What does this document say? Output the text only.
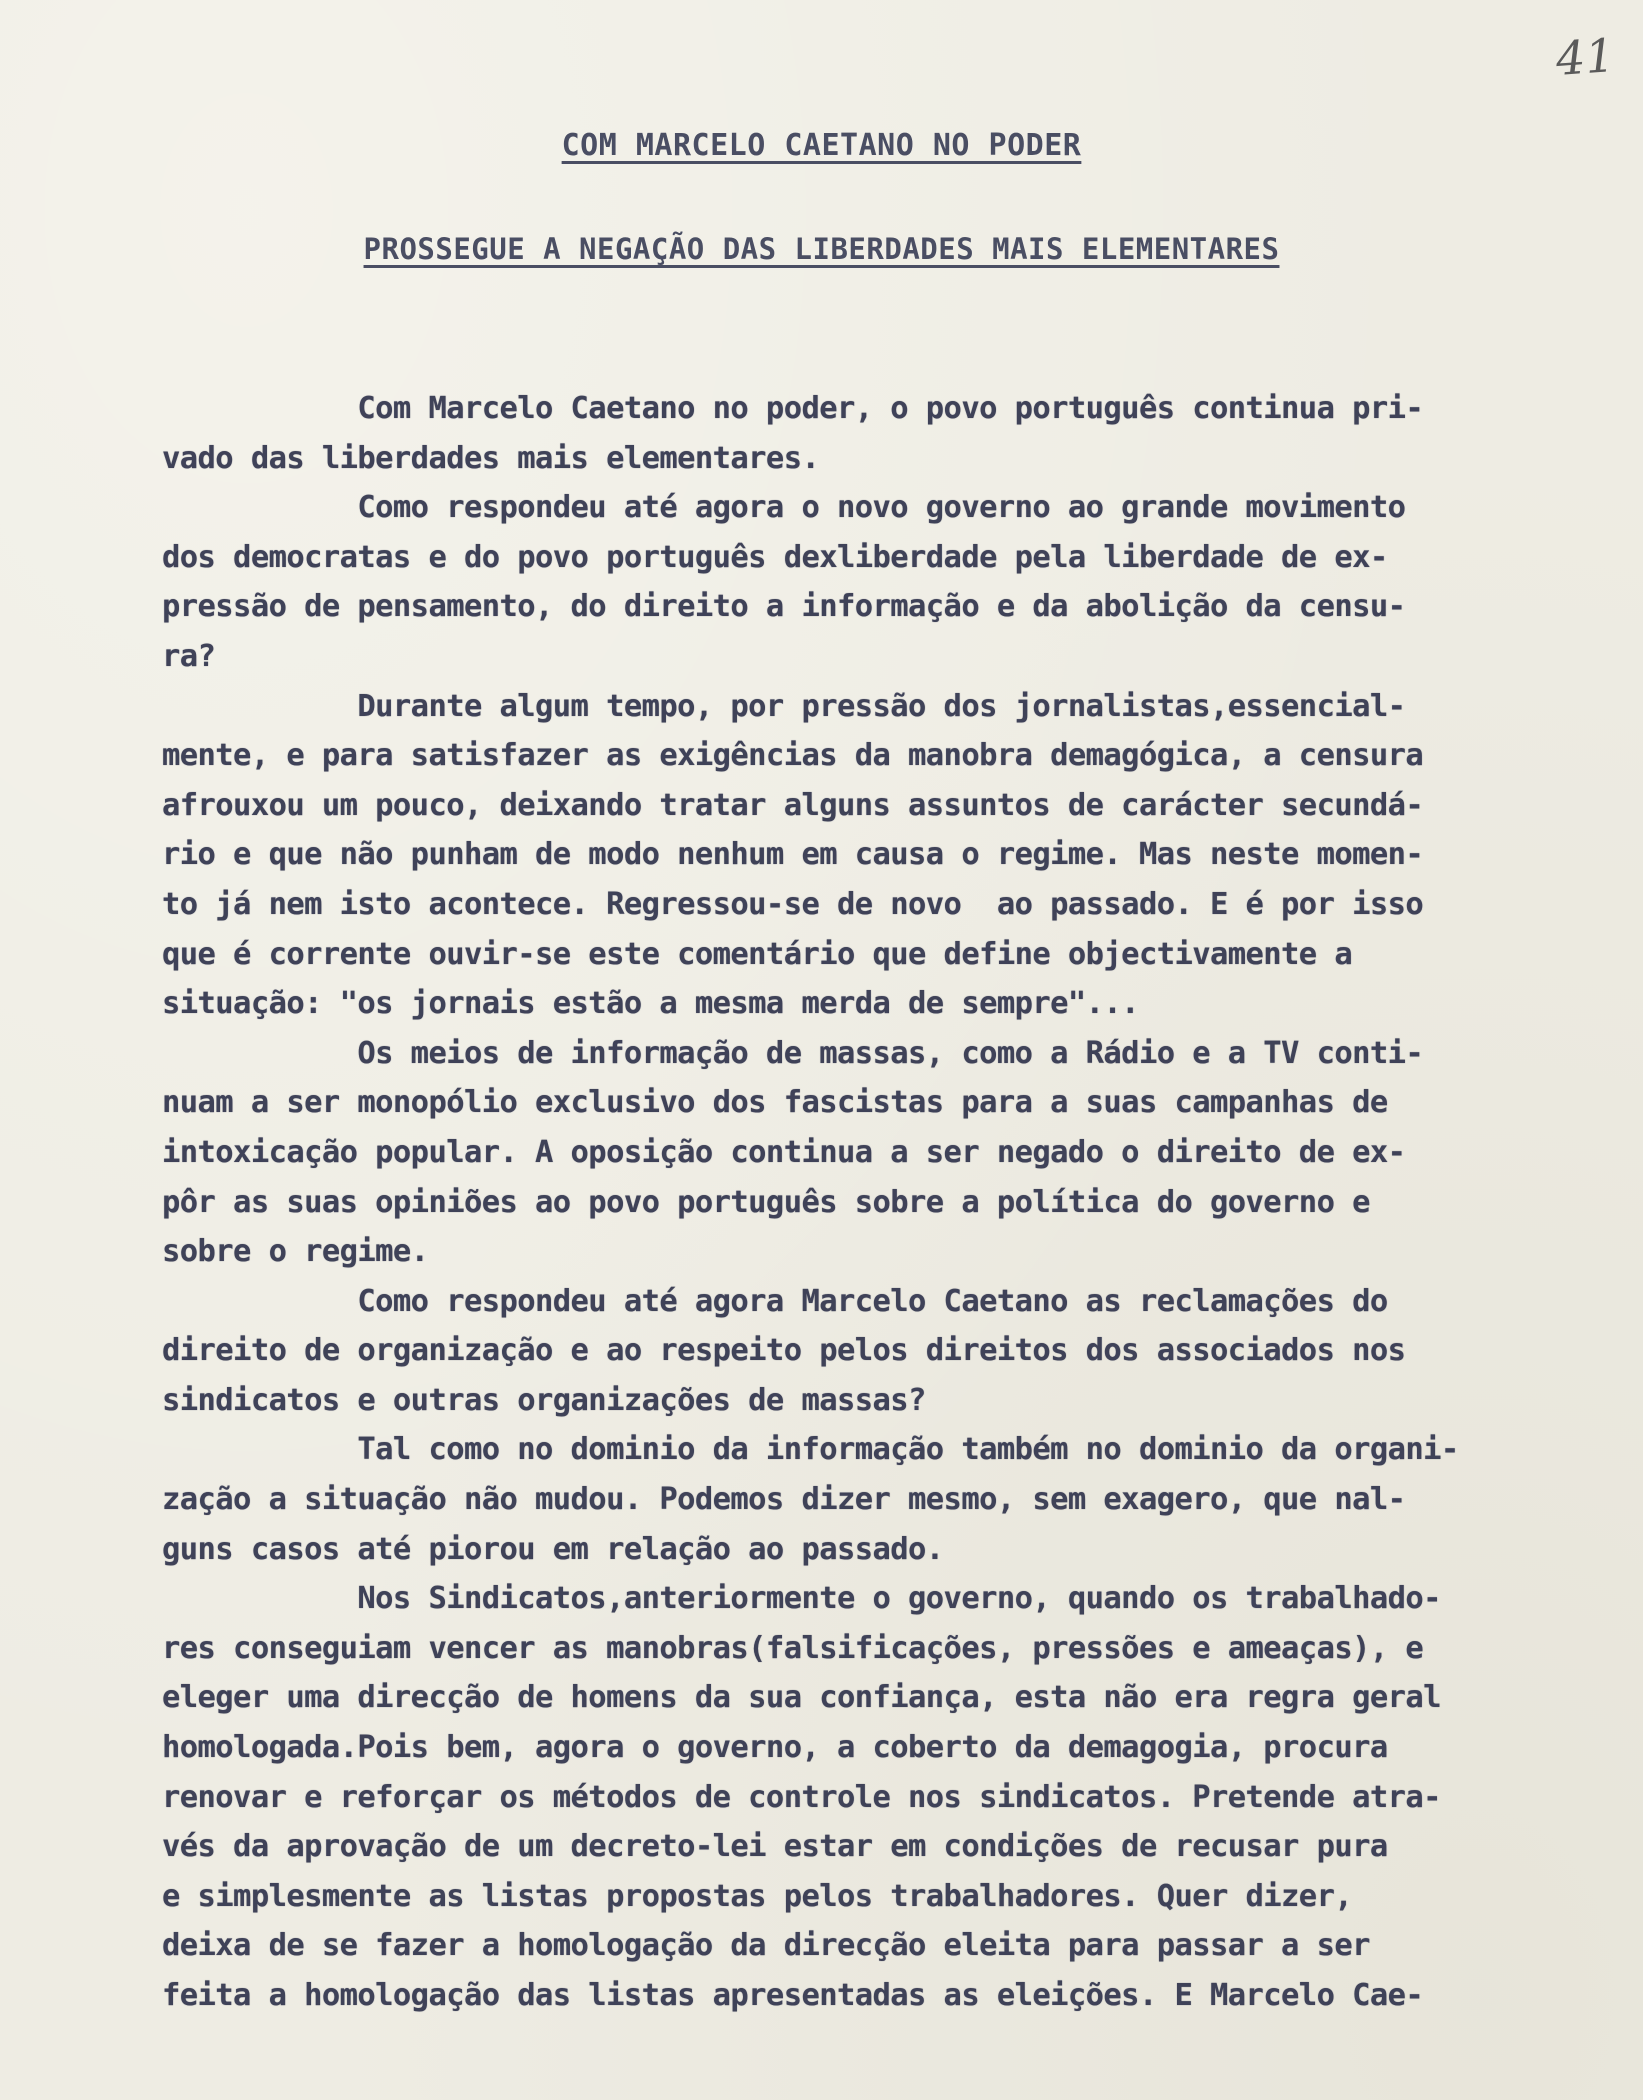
41
COM MARCELO CAETANO NO PODER
PROSSEGUE A NEGAÇÃO DAS LIBERDADES MAIS ELEMENTARES
Com Marcelo Caetano no poder, o povo português continua pri-
vado das liberdades mais elementares.
Como respondeu até agora o novo governo ao grande movimento
dos democratas e do povo português dexliberdade pela liberdade de ex-
pressão de pensamento, do direito a informação e da abolição da censu-
ra?
Durante algum tempo, por pressão dos jornalistas,essencial-
mente, e para satisfazer as exigências da manobra demagógica, a censura
afrouxou um pouco, deixando tratar alguns assuntos de carácter secundá-
rio e que não punham de modo nenhum em causa o regime. Mas neste momen-
to já nem isto acontece. Regressou-se de novo  ao passado. E é por isso
que é corrente ouvir-se este comentário que define objectivamente a
situação: "os jornais estão a mesma merda de sempre"...
Os meios de informação de massas, como a Rádio e a TV conti-
nuam a ser monopólio exclusivo dos fascistas para a suas campanhas de
intoxicação popular. A oposição continua a ser negado o direito de ex-
pôr as suas opiniões ao povo português sobre a política do governo e
sobre o regime.
Como respondeu até agora Marcelo Caetano as reclamações do
direito de organização e ao respeito pelos direitos dos associados nos
sindicatos e outras organizações de massas?
Tal como no dominio da informação também no dominio da organi-
zação a situação não mudou. Podemos dizer mesmo, sem exagero, que nal-
guns casos até piorou em relação ao passado.
Nos Sindicatos,anteriormente o governo, quando os trabalhado-
res conseguiam vencer as manobras(falsificações, pressões e ameaças), e
eleger uma direcção de homens da sua confiança, esta não era regra geral
homologada.Pois bem, agora o governo, a coberto da demagogia, procura
renovar e reforçar os métodos de controle nos sindicatos. Pretende atra-
vés da aprovação de um decreto-lei estar em condições de recusar pura
e simplesmente as listas propostas pelos trabalhadores. Quer dizer,
deixa de se fazer a homologação da direcção eleita para passar a ser
feita a homologação das listas apresentadas as eleições. E Marcelo Cae-
